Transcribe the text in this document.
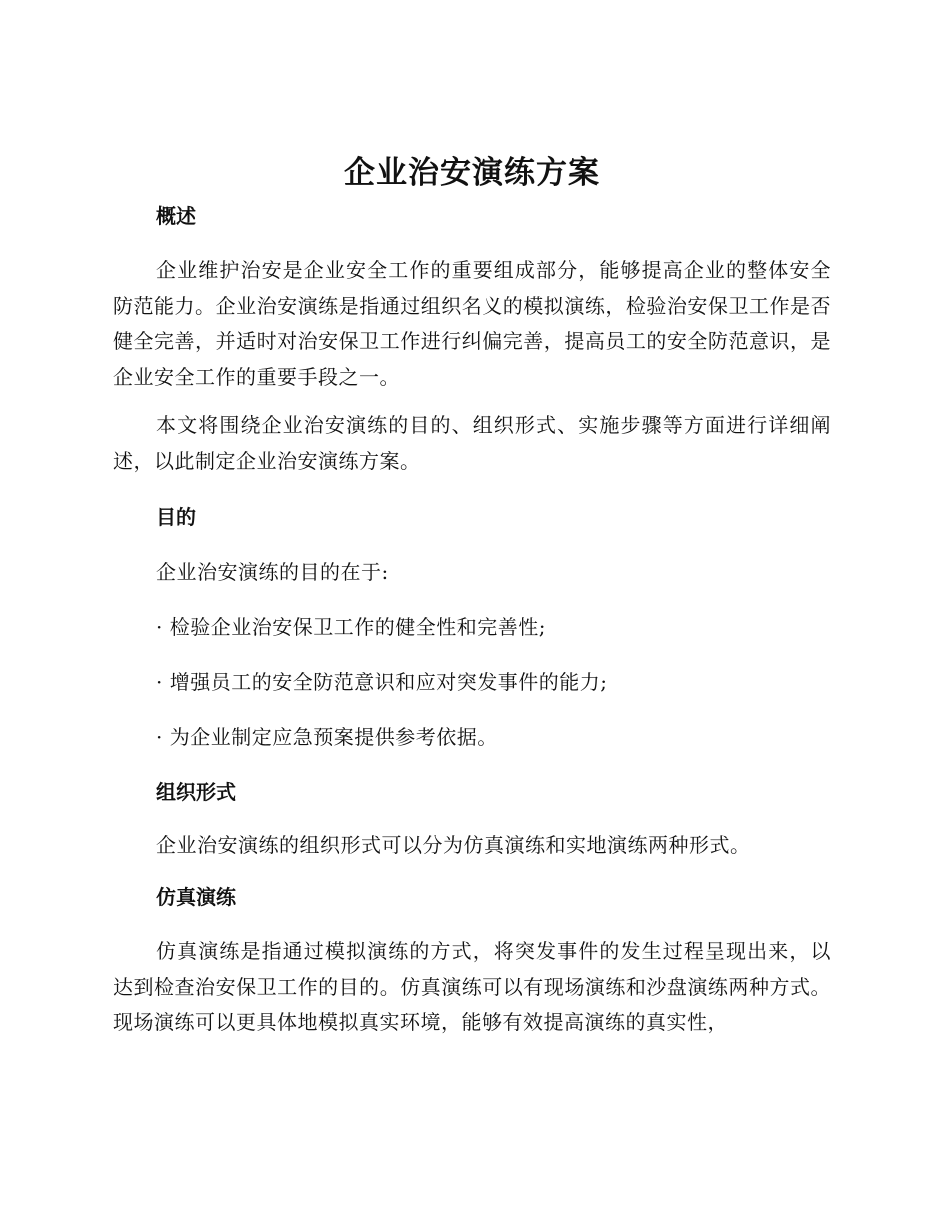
企业治安演练方案
概述

企业维护治安是企业安全工作的重要组成部分，能够提高企业的整体安全防范能力。企业治安演练是指通过组织名义的模拟演练，检验治安保卫工作是否健全完善，并适时对治安保卫工作进行纠偏完善，提高员工的安全防范意识，是企业安全工作的重要手段之一。

本文将围绕企业治安演练的目的、组织形式、实施步骤等方面进行详细阐述，以此制定企业治安演练方案。

目的

企业治安演练的目的在于:

· 检验企业治安保卫工作的健全性和完善性;

· 增强员工的安全防范意识和应对突发事件的能力;

· 为企业制定应急预案提供参考依据。

组织形式

企业治安演练的组织形式可以分为仿真演练和实地演练两种形式。

仿真演练

仿真演练是指通过模拟演练的方式，将突发事件的发生过程呈现出来，以达到检查治安保卫工作的目的。仿真演练可以有现场演练和沙盘演练两种方式。现场演练可以更具体地模拟真实环境，能够有效提高演练的真实性，
